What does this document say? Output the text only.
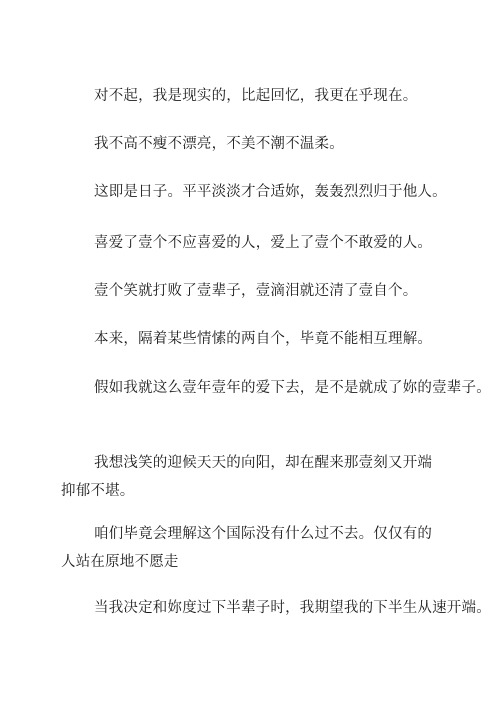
对不起，我是现实的，比起回忆，我更在乎现在。

我不高不瘦不漂亮，不美不潮不温柔。

这即是日子。平平淡淡才合适妳，轰轰烈烈归于他人。

喜爱了壹个不应喜爱的人，爱上了壹个不敢爱的人。

壹个笑就打败了壹辈子，壹滴泪就还清了壹自个。

本来，隔着某些情愫的两自个，毕竟不能相互理解。

假如我就这么壹年壹年的爱下去，是不是就成了妳的壹辈子。

我想浅笑的迎候天天的向阳，却在醒来那壹刻又开端抑郁不堪。

咱们毕竟会理解这个国际没有什么过不去。仅仅有的人站在原地不愿走

当我决定和妳度过下半辈子时，我期望我的下半生从速开端。
